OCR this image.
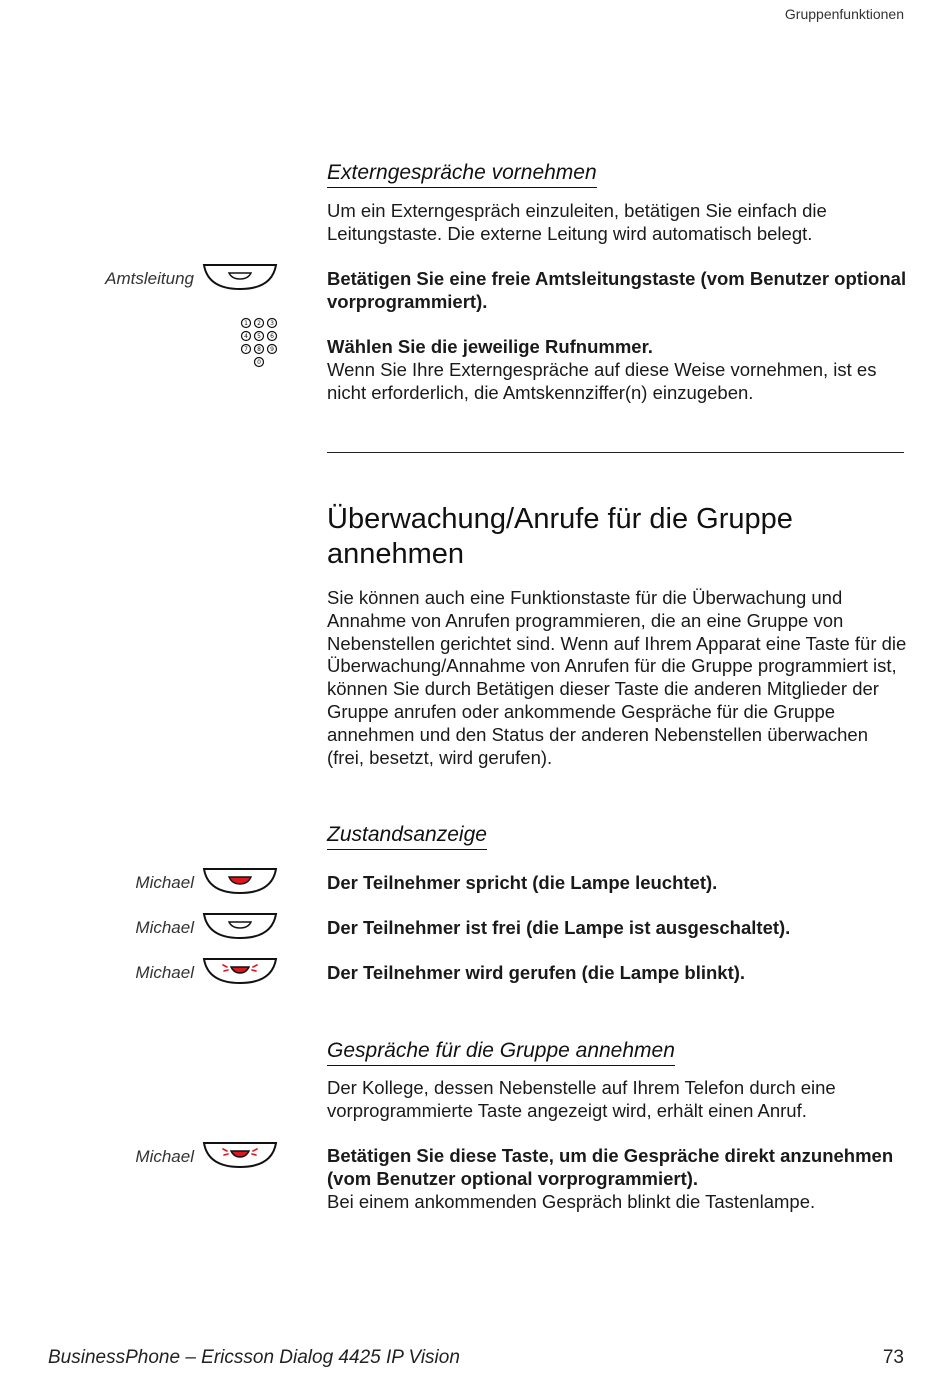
Gruppenfunktionen
Externgespräche vornehmen
Um ein Externgespräch einzuleiten, betätigen Sie einfach die Leitungstaste. Die externe Leitung wird automatisch belegt.
Amtsleitung	Betätigen Sie eine freie Amtsleitungstaste (vom Benutzer optional vorprogrammiert).
1 2 3
4 5 6
7 8 9
0
Wählen Sie die jeweilige Rufnummer.
Wenn Sie Ihre Externgespräche auf diese Weise vornehmen, ist es nicht erforderlich, die Amtskennziffer(n) einzugeben.
Überwachung/Anrufe für die Gruppe annehmen
Sie können auch eine Funktionstaste für die Überwachung und Annahme von Anrufen programmieren, die an eine Gruppe von Nebenstellen gerichtet sind. Wenn auf Ihrem Apparat eine Taste für die Überwachung/Annahme von Anrufen für die Gruppe programmiert ist, können Sie durch Betätigen dieser Taste die anderen Mitglieder der Gruppe anrufen oder ankommende Gespräche für die Gruppe annehmen und den Status der anderen Nebenstellen überwachen (frei, besetzt, wird gerufen).
Zustandsanzeige
Michael	Der Teilnehmer spricht (die Lampe leuchtet).
Michael	Der Teilnehmer ist frei (die Lampe ist ausgeschaltet).
Michael	Der Teilnehmer wird gerufen (die Lampe blinkt).
Gespräche für die Gruppe annehmen
Der Kollege, dessen Nebenstelle auf Ihrem Telefon durch eine vorprogrammierte Taste angezeigt wird, erhält einen Anruf.
Michael	Betätigen Sie diese Taste, um die Gespräche direkt anzunehmen (vom Benutzer optional vorprogrammiert).
Bei einem ankommenden Gespräch blinkt die Tastenlampe.
BusinessPhone – Ericsson Dialog 4425 IP Vision	73
